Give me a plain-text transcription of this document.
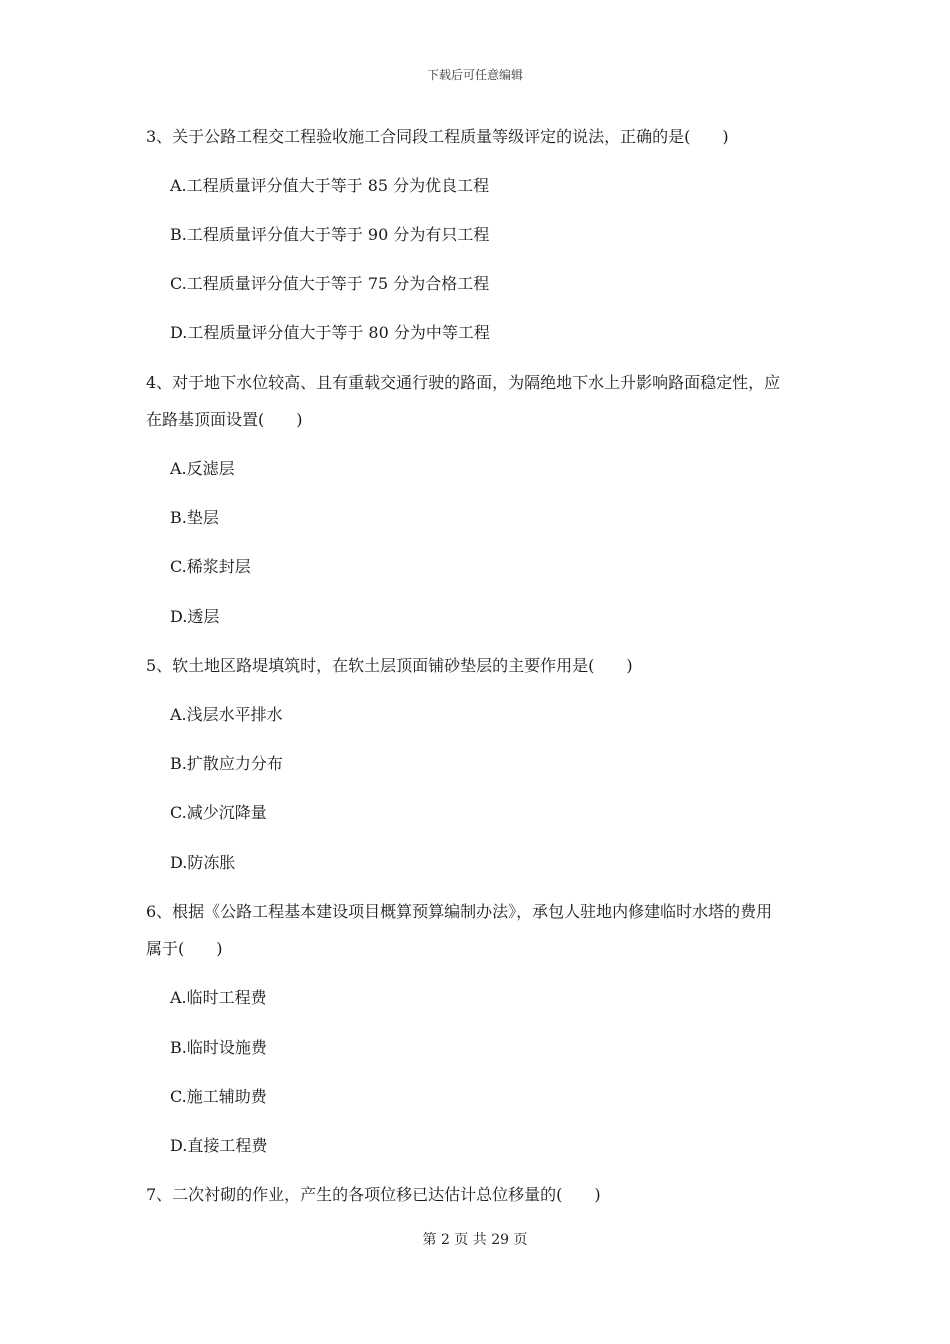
下载后可任意编辑
3、关于公路工程交工程验收施工合同段工程质量等级评定的说法，正确的是(　　)
A.工程质量评分值大于等于 85 分为优良工程
B.工程质量评分值大于等于 90 分为有只工程
C.工程质量评分值大于等于 75 分为合格工程
D.工程质量评分值大于等于 80 分为中等工程
4、对于地下水位较高、且有重载交通行驶的路面，为隔绝地下水上升影响路面稳定性，应
在路基顶面设置(　　)
A.反滤层
B.垫层
C.稀浆封层
D.透层
5、软土地区路堤填筑时，在软土层顶面铺砂垫层的主要作用是(　　)
A.浅层水平排水
B.扩散应力分布
C.减少沉降量
D.防冻胀
6、根据《公路工程基本建设项目概算预算编制办法》，承包人驻地内修建临时水塔的费用
属于(　　)
A.临时工程费
B.临时设施费
C.施工辅助费
D.直接工程费
7、二次衬砌的作业，产生的各项位移已达估计总位移量的(　　)
第 2 页 共 29 页
